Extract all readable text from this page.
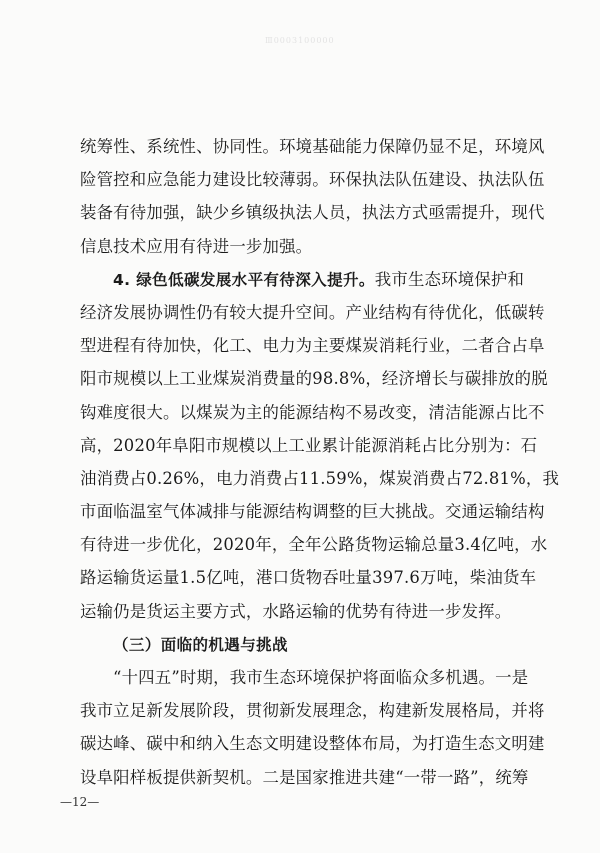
Ⅲ0003100000
统筹性、系统性、协同性。环境基础能力保障仍显不足，环境风
险管控和应急能力建设比较薄弱。环保执法队伍建设、执法队伍
装备有待加强，缺少乡镇级执法人员，执法方式亟需提升，现代
信息技术应用有待进一步加强。
4. 绿色低碳发展水平有待深入提升。我市生态环境保护和
经济发展协调性仍有较大提升空间。产业结构有待优化，低碳转
型进程有待加快，化工、电力为主要煤炭消耗行业，二者合占阜
阳市规模以上工业煤炭消费量的98.8%，经济增长与碳排放的脱
钩难度很大。以煤炭为主的能源结构不易改变，清洁能源占比不
高，2020年阜阳市规模以上工业累计能源消耗占比分别为：石
油消费占0.26%，电力消费占11.59%，煤炭消费占72.81%，我
市面临温室气体减排与能源结构调整的巨大挑战。交通运输结构
有待进一步优化，2020年，全年公路货物运输总量3.4亿吨，水
路运输货运量1.5亿吨，港口货物吞吐量397.6万吨，柴油货车
运输仍是货运主要方式，水路运输的优势有待进一步发挥。
（三）面临的机遇与挑战
“十四五”时期，我市生态环境保护将面临众多机遇。一是
我市立足新发展阶段，贯彻新发展理念，构建新发展格局，并将
碳达峰、碳中和纳入生态文明建设整体布局，为打造生态文明建
设阜阳样板提供新契机。二是国家推进共建“一带一路”，统筹
—12—
